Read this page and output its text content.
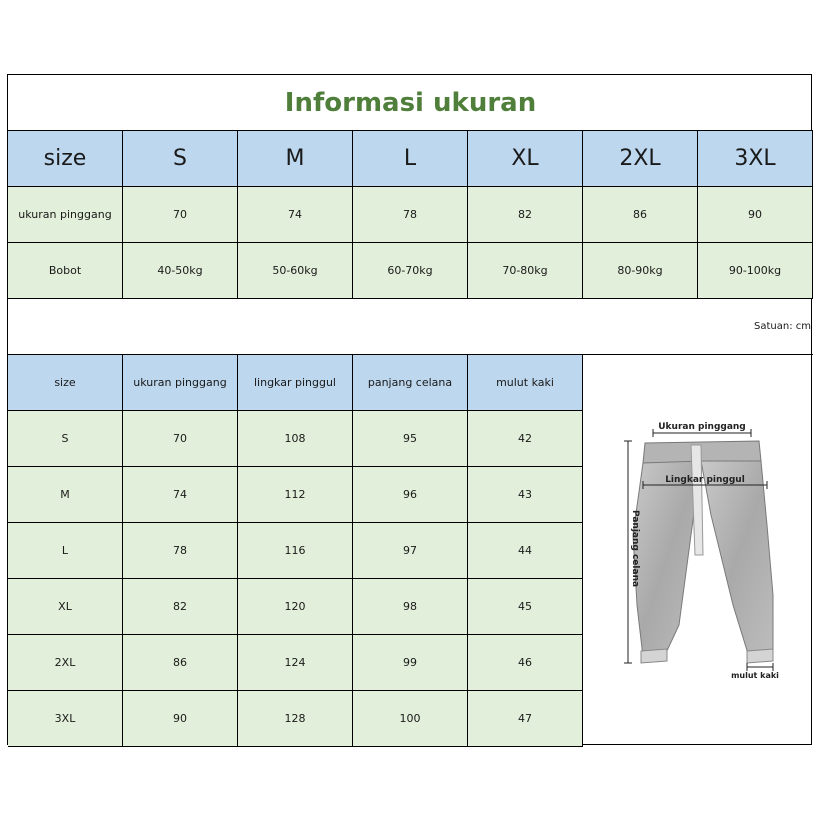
Informasi ukuran
size	S	M	L	XL	2XL	3XL
ukuran pinggang	70	74	78	82	86	90
Bobot	40-50kg	50-60kg	60-70kg	70-80kg	80-90kg	90-100kg
Satuan: cm
size	ukuran pinggang	lingkar pinggul	panjang celana	mulut kaki
S	70	108	95	42
M	74	112	96	43
L	78	116	97	44
XL	82	120	98	45
2XL	86	124	99	46
3XL	90	128	100	47
Ukuran pinggang
Lingkar pinggul
Panjang celana
mulut kaki
